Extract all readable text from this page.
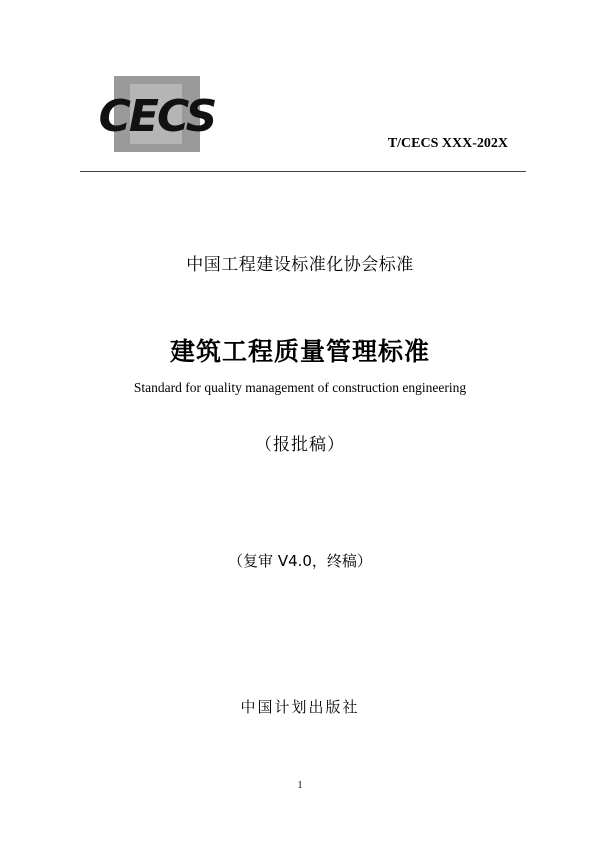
CECS
T/CECS XXX-202X
中国工程建设标准化协会标准
建筑工程质量管理标准
Standard for quality management of construction engineering
（报批稿）
（复审 V4.0，终稿）
中国计划出版社
1
